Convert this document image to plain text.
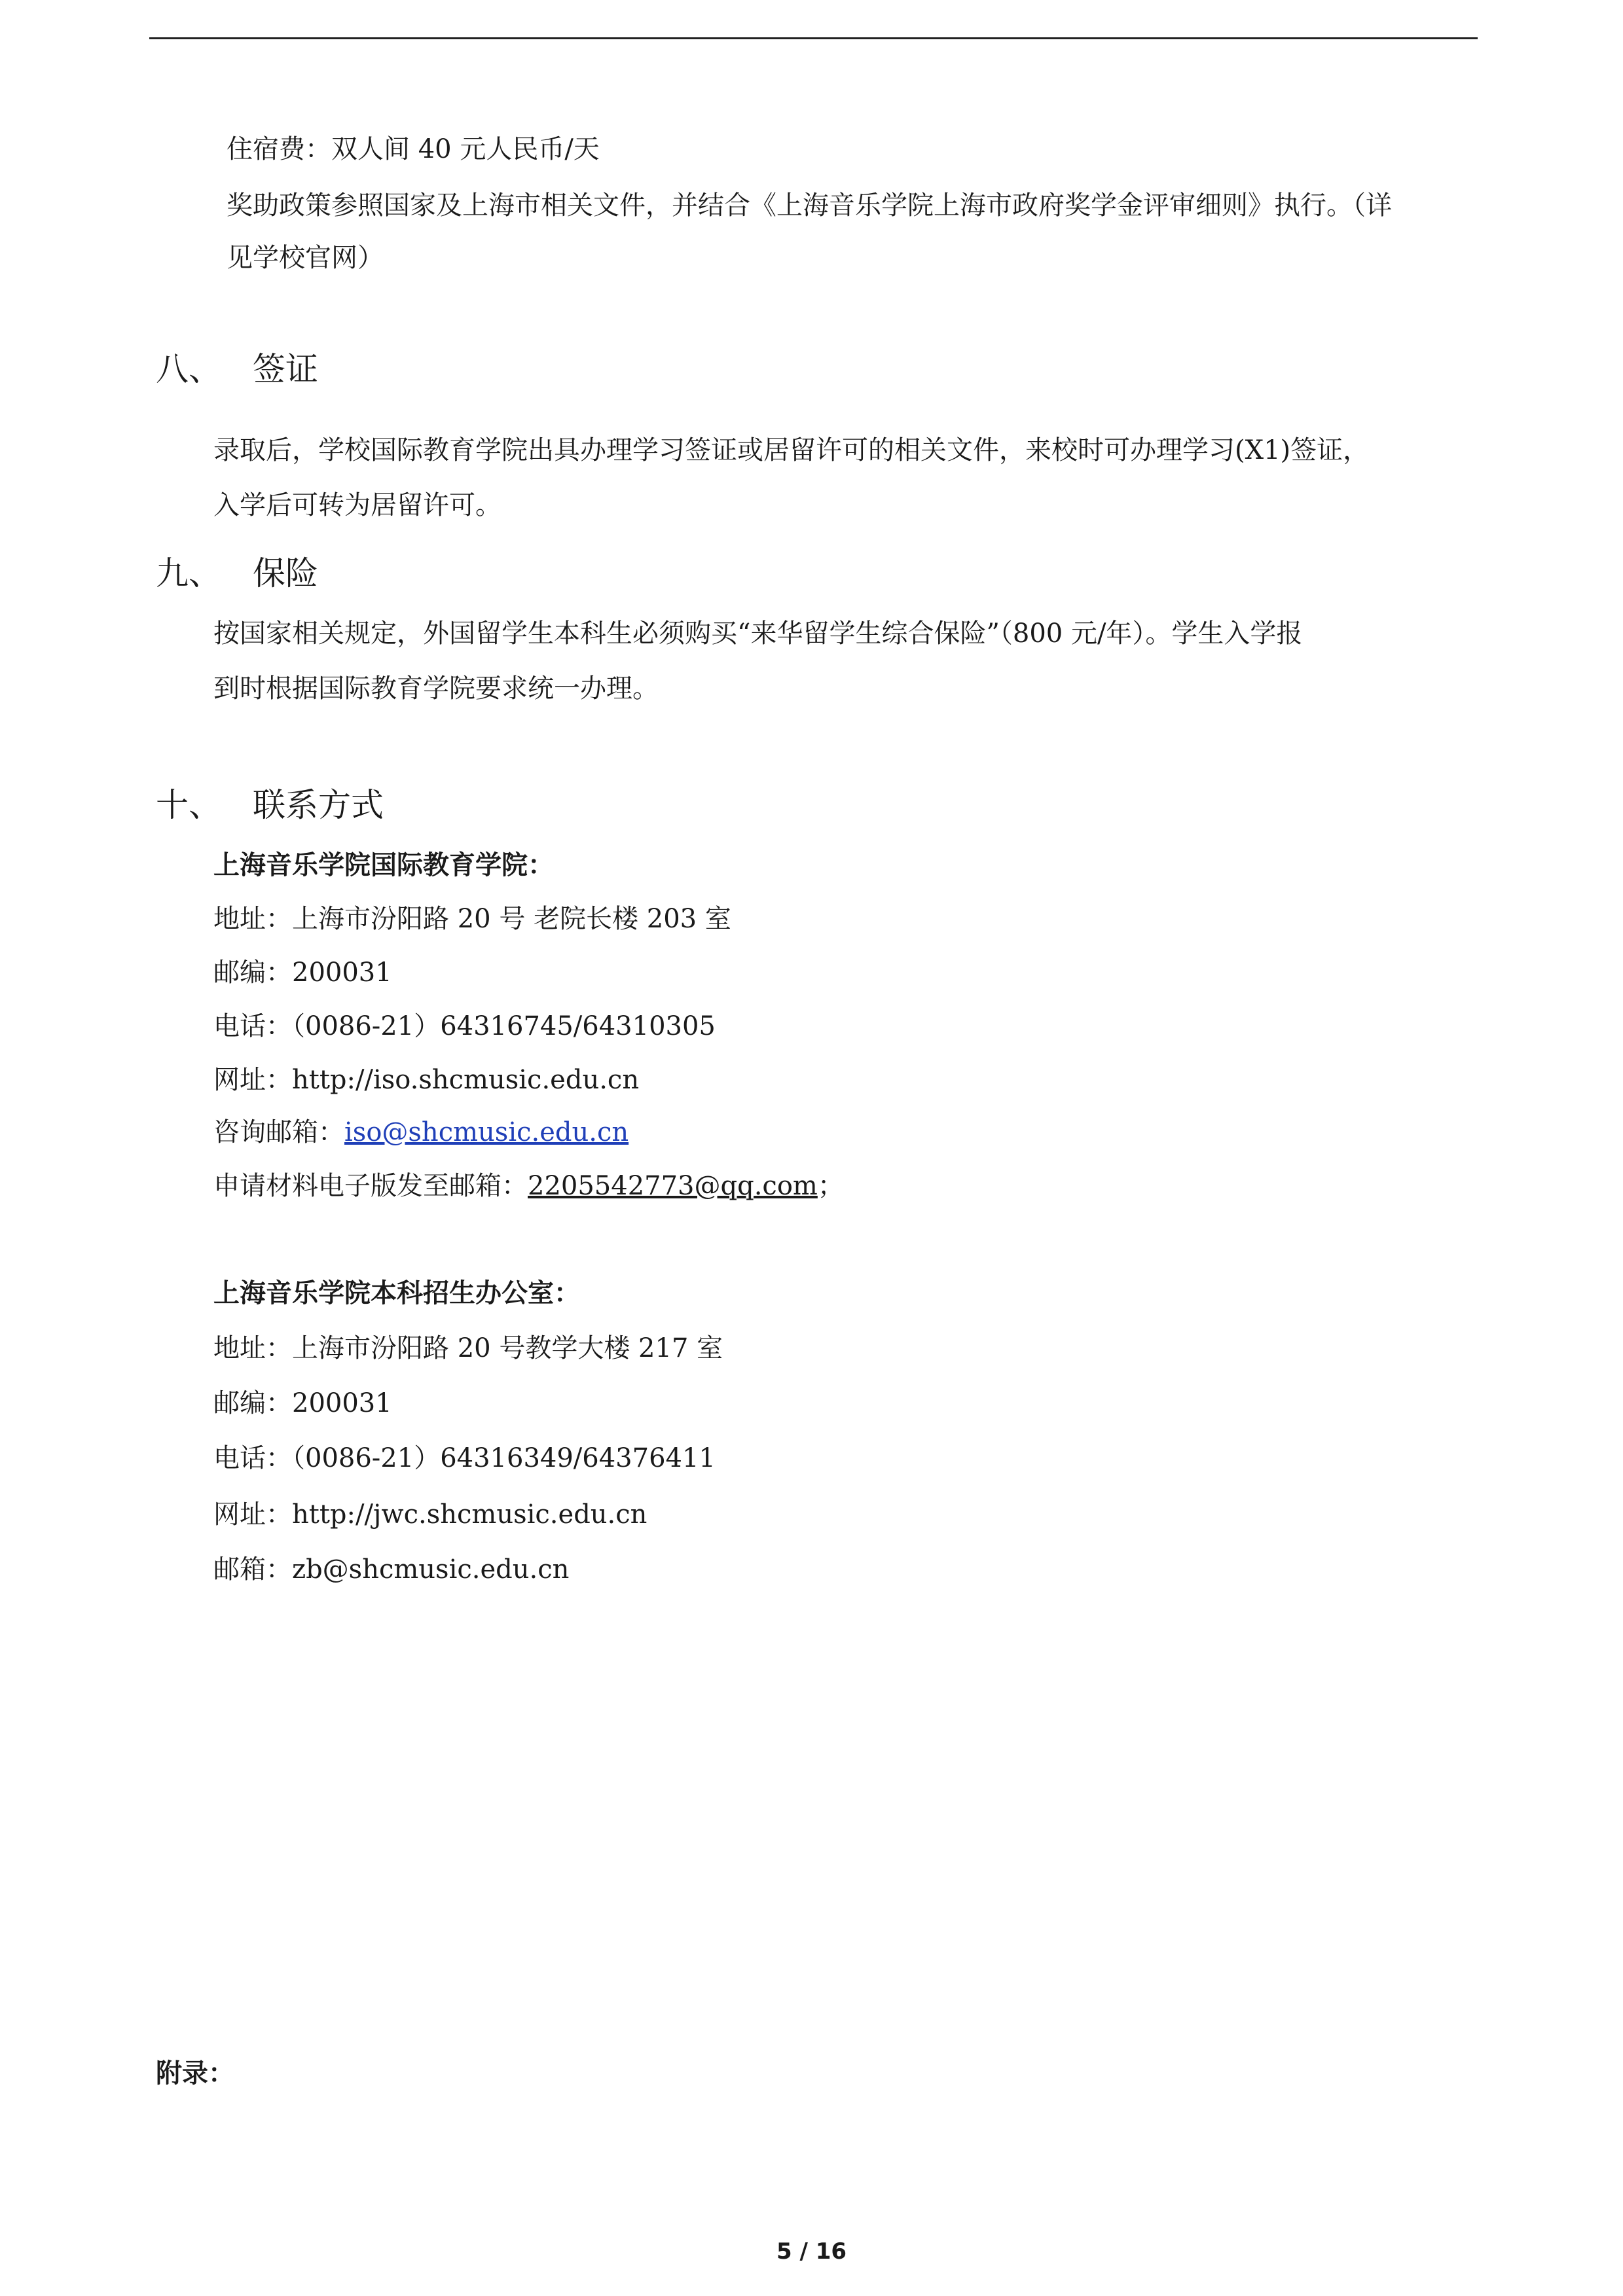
住宿费：双人间 40 元人民币/天
奖助政策参照国家及上海市相关文件，并结合《上海音乐学院上海市政府奖学金评审细则》执行。（详
见学校官网）
八、 签证
录取后，学校国际教育学院出具办理学习签证或居留许可的相关文件，来校时可办理学习(X1)签证，
入学后可转为居留许可。
九、 保险
按国家相关规定，外国留学生本科生必须购买“来华留学生综合保险”（800 元/年）。学生入学报
到时根据国际教育学院要求统一办理。
十、 联系方式
上海音乐学院国际教育学院：
地址：上海市汾阳路 20 号 老院长楼 203 室
邮编：200031
电话：（0086-21）64316745/64310305
网址：http://iso.shcmusic.edu.cn
咨询邮箱：iso@shcmusic.edu.cn
申请材料电子版发至邮箱：2205542773@qq.com；
上海音乐学院本科招生办公室：
地址：上海市汾阳路 20 号教学大楼 217 室
邮编：200031
电话：（0086-21）64316349/64376411
网址：http://jwc.shcmusic.edu.cn
邮箱：zb@shcmusic.edu.cn
附录：
5 / 16
